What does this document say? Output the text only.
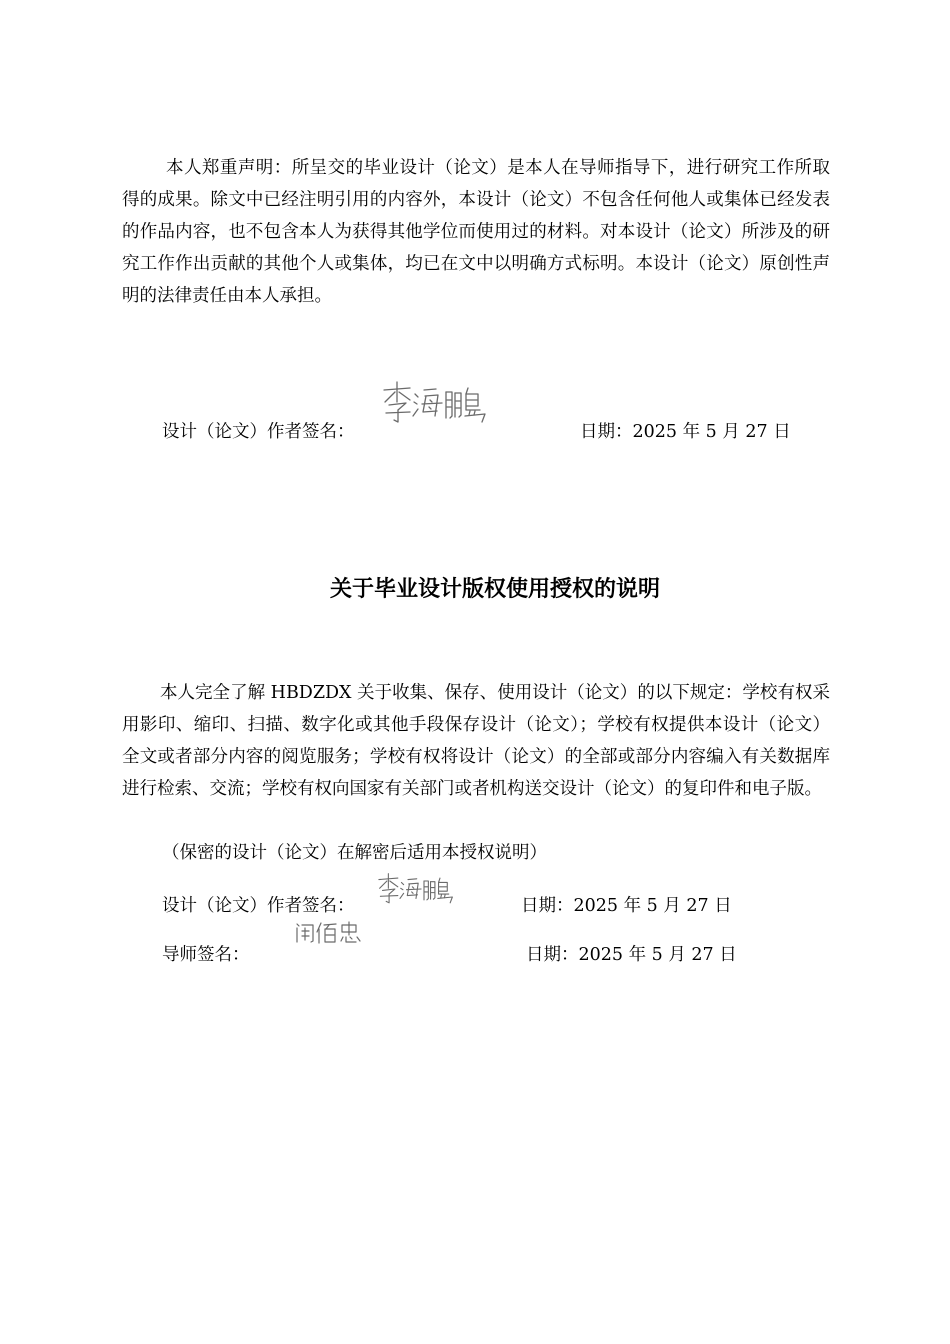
本人郑重声明：所呈交的毕业设计（论文）是本人在导师指导下，进行研究工作所取得的成果。除文中已经注明引用的内容外，本设计（论文）不包含任何他人或集体已经发表的作品内容，也不包含本人为获得其他学位而使用过的材料。对本设计（论文）所涉及的研究工作作出贡献的其他个人或集体，均已在文中以明确方式标明。本设计（论文）原创性声明的法律责任由本人承担。

设计（论文）作者签名：	日期：2025 年 5 月 27 日
关于毕业设计版权使用授权的说明

本人完全了解 HBDZDX 关于收集、保存、使用设计（论文）的以下规定：学校有权采用影印、缩印、扫描、数字化或其他手段保存设计（论文）；学校有权提供本设计（论文）全文或者部分内容的阅览服务；学校有权将设计（论文）的全部或部分内容编入有关数据库进行检索、交流；学校有权向国家有关部门或者机构送交设计（论文）的复印件和电子版。

（保密的设计（论文）在解密后适用本授权说明）
设计（论文）作者签名：	日期：2025 年 5 月 27 日
导师签名：	日期：2025 年 5 月 27 日
